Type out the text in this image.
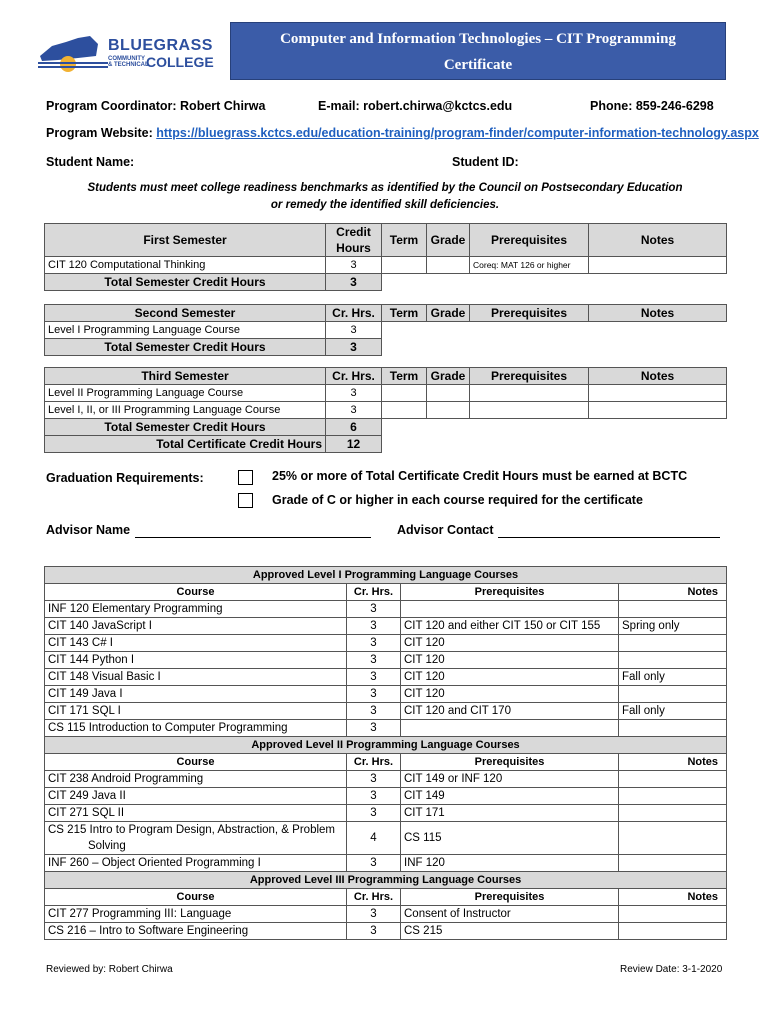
BLUEGRASS
COMMUNITY
& TECHNICAL
COLLEGE
Computer and Information Technologies – CIT Programming
Certificate
Program Coordinator: Robert Chirwa	E-mail: robert.chirwa@kctcs.edu	Phone: 859-246-6298
Program Website: https://bluegrass.kctcs.edu/education-training/program-finder/computer-information-technology.aspx
Student Name:	Student ID:
Students must meet college readiness benchmarks as identified by the Council on Postsecondary Education
or remedy the identified skill deficiencies.
First Semester	Credit
Hours	Term	Grade	Prerequisites	Notes
CIT 120 Computational Thinking	3			Coreq: MAT 126 or higher	
Total Semester Credit Hours	3				
Second Semester	Cr. Hrs.	Term	Grade	Prerequisites	Notes
Level I Programming Language Course	3				
Total Semester Credit Hours	3				
Third Semester	Cr. Hrs.	Term	Grade	Prerequisites	Notes
Level II Programming Language Course	3				
Level I, II, or III Programming Language Course	3				
Total Semester Credit Hours	6				
Total Certificate Credit Hours	12				
Graduation Requirements:	25% or more of Total Certificate Credit Hours must be earned at BCTC
Grade of C or higher in each course required for the certificate
Advisor Name	Advisor Contact
Approved Level I Programming Language Courses			
Course	Cr. Hrs.	Prerequisites	Notes
INF 120 Elementary Programming	3		
CIT 140 JavaScript I	3	CIT 120 and either CIT 150 or CIT 155	Spring only
CIT 143 C# I	3	CIT 120	
CIT 144 Python I	3	CIT 120	
CIT 148 Visual Basic I	3	CIT 120	Fall only
CIT 149 Java I	3	CIT 120	
CIT 171 SQL I	3	CIT 120 and CIT 170	Fall only
CS 115 Introduction to Computer Programming	3		
Approved Level II Programming Language Courses			
Course	Cr. Hrs.	Prerequisites	Notes
CIT 238 Android Programming	3	CIT 149 or INF 120	
CIT 249 Java II	3	CIT 149	
CIT 271 SQL II	3	CIT 171	

CS 215 Intro to Program Design, Abstraction, & Problem
Solving	4	CS 115	
INF 260 – Object Oriented Programming I	3	INF 120	
Approved Level III Programming Language Courses			
Course	Cr. Hrs.	Prerequisites	Notes
CIT 277 Programming III: Language	3	Consent of Instructor	
CS 216 – Intro to Software Engineering	3	CS 215	
Reviewed by: Robert Chirwa	Review Date: 3-1-2020
